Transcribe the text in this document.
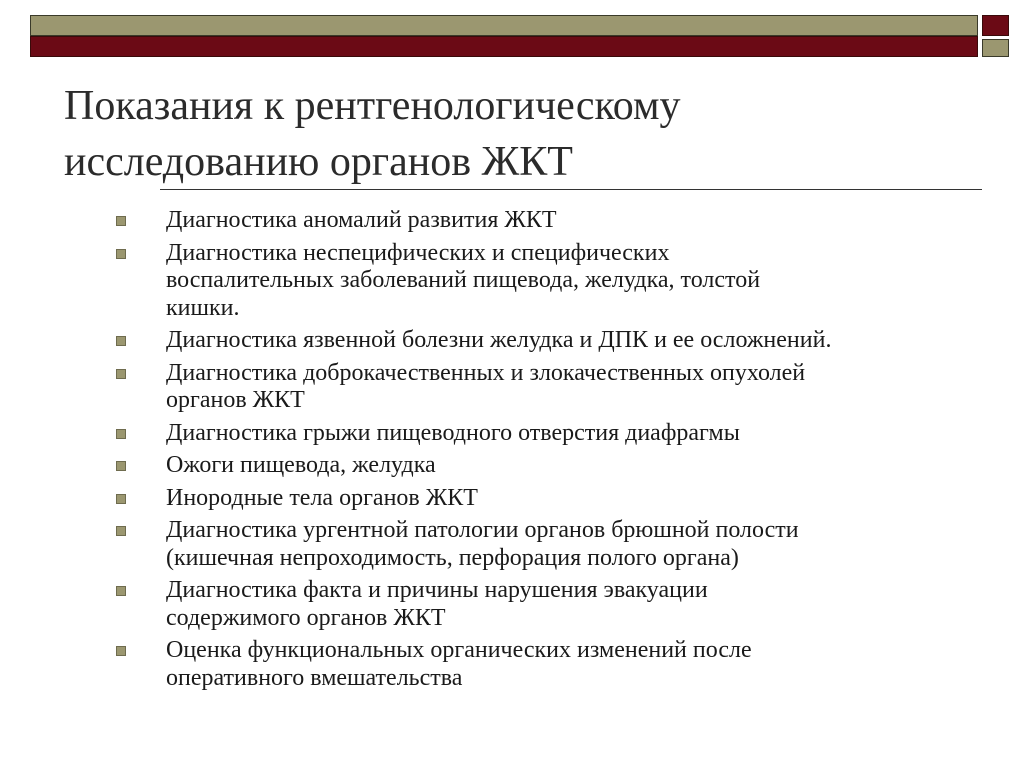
Показания к рентгенологическому
исследованию органов ЖКТ
Диагностика аномалий развития ЖКТ
Диагностика неспецифических и специфических
воспалительных заболеваний пищевода, желудка, толстой
кишки.
Диагностика язвенной болезни желудка и ДПК и ее осложнений.
Диагностика доброкачественных и злокачественных опухолей
органов ЖКТ
Диагностика грыжи пищеводного отверстия диафрагмы
Ожоги пищевода, желудка
Инородные тела органов ЖКТ
Диагностика ургентной патологии органов брюшной полости
(кишечная непроходимость, перфорация полого органа)
Диагностика факта и причины нарушения эвакуации
содержимого органов ЖКТ
Оценка функциональных органических изменений после
оперативного вмешательства
